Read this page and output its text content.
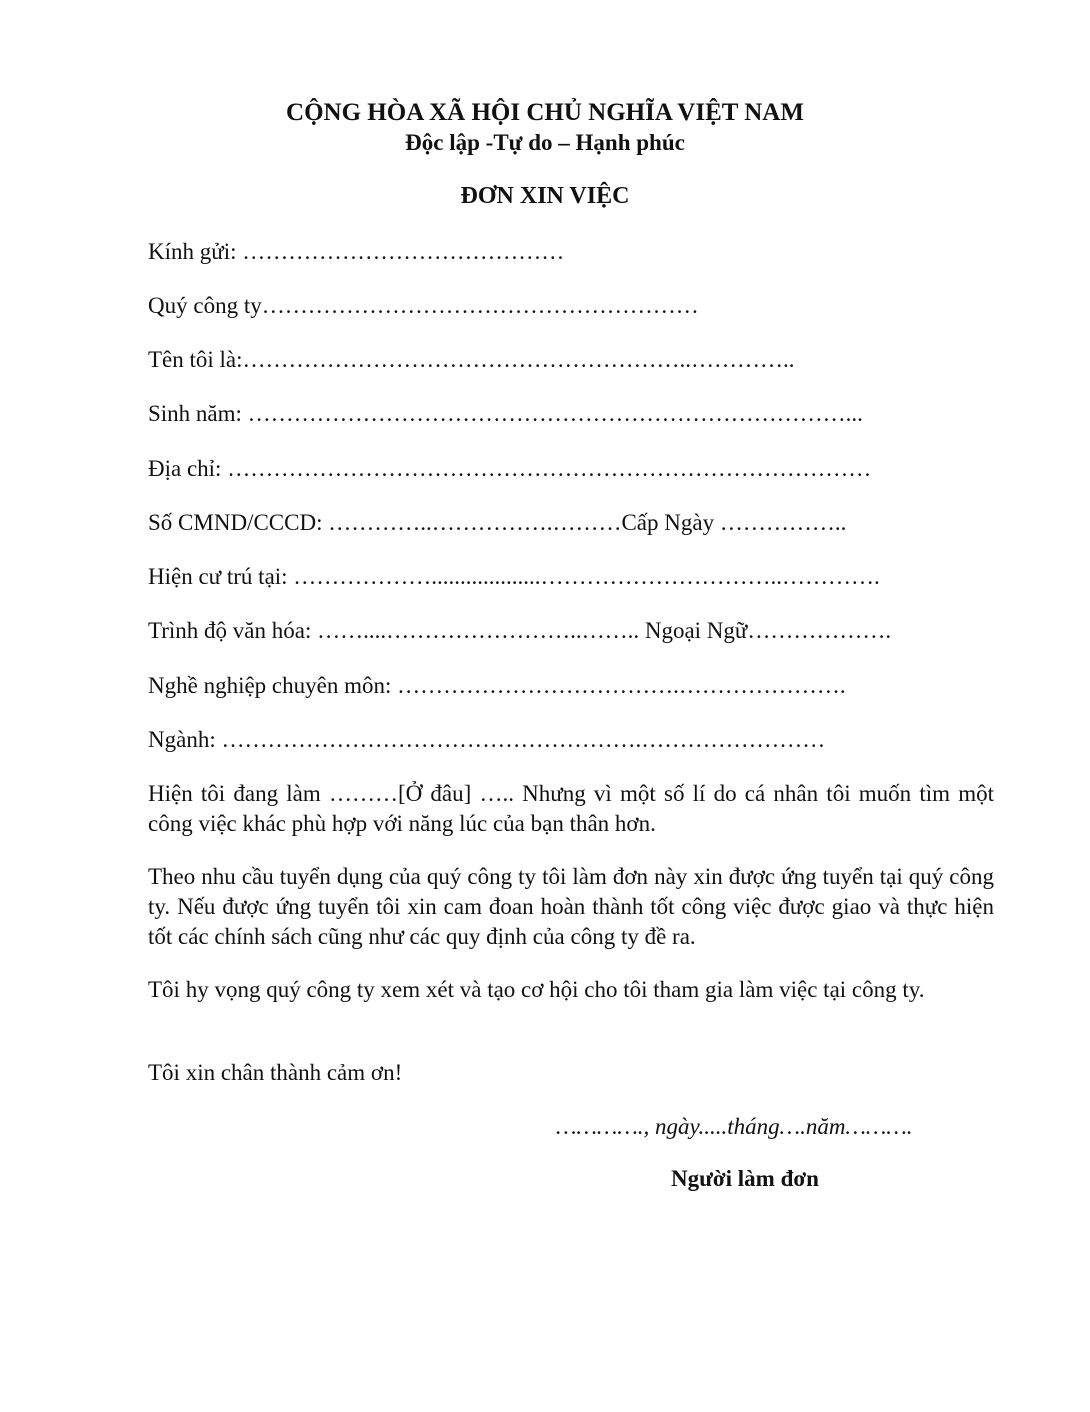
CỘNG HÒA XÃ HỘI CHỦ NGHĨA VIỆT NAM
Độc lập -Tự do – Hạnh phúc
ĐƠN XIN VIỆC
Kính gửi: ……………………………………
Quý công ty…………………………………………………
Tên tôi là:…………………………………………………..…………..
Sinh năm: ……………………………………………………………………...
Địa chỉ: …………………………………………………………………………
Số CMND/CCCD: …………..…………….………Cấp Ngày ……………..
Hiện cư trú tại: ………………...................…………………………..………….
Trình độ văn hóa: ……....……………………..…….. Ngoại Ngữ……………….
Nghề nghiệp chuyên môn: ……………………………….………………….
Ngành: ……………………………………………….……………………
Hiện tôi đang làm ………[Ở đâu] ….. Nhưng vì một số lí do cá nhân tôi muốn tìm một công việc khác phù hợp với năng lúc của bạn thân hơn.
Theo nhu cầu tuyển dụng của quý công ty tôi làm đơn này xin được ứng tuyển tại quý công ty. Nếu được ứng tuyển tôi xin cam đoan hoàn thành tốt công việc được giao và thực hiện tốt các chính sách cũng như các quy định của công ty đề ra.
Tôi hy vọng quý công ty xem xét và tạo cơ hội cho tôi tham gia làm việc tại công ty.
Tôi xin chân thành cảm ơn!
…………., ngày.....tháng….năm……….
Người làm đơn
